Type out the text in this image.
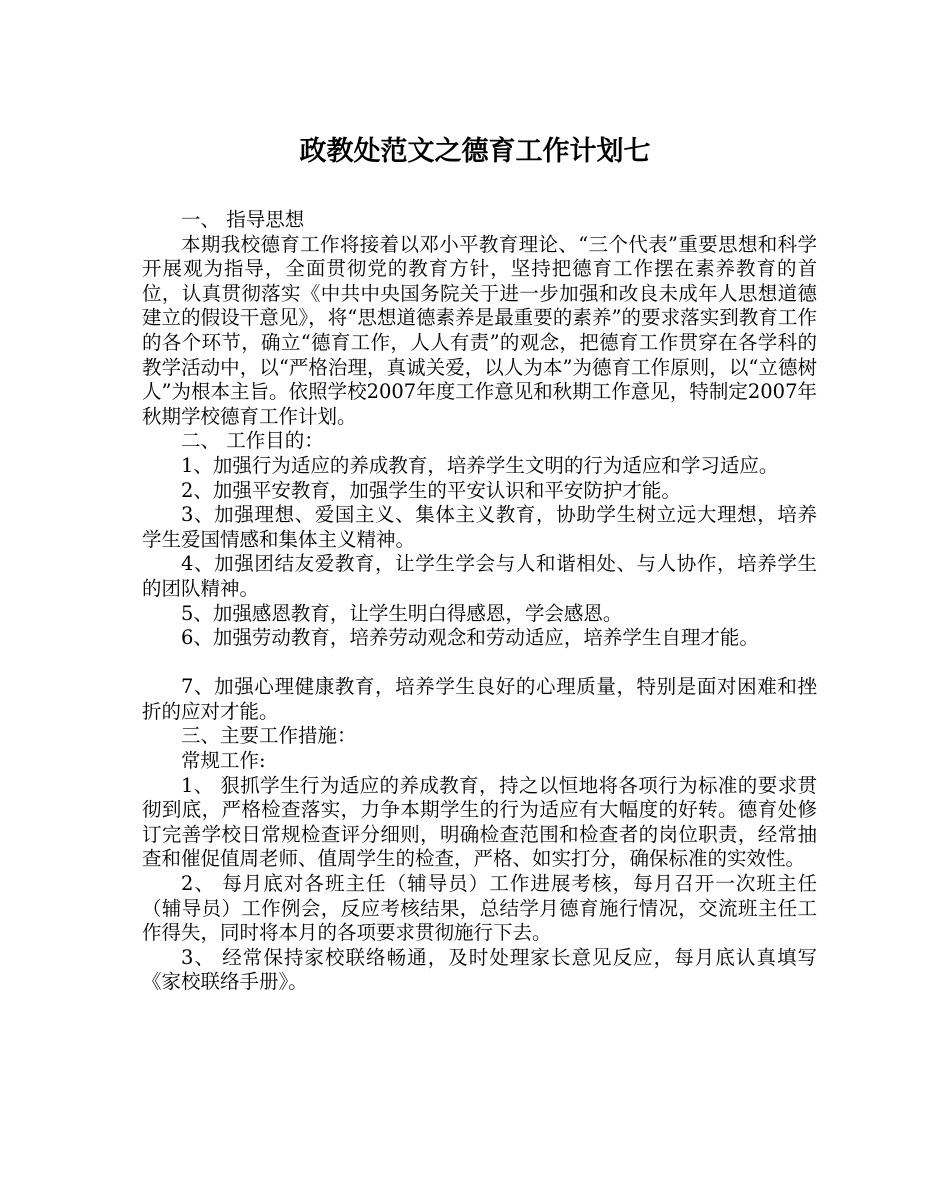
政教处范文之德育工作计划七

一、 指导思想

本期我校德育工作将接着以邓小平教育理论、“三个代表”重要思想和科学开展观为指导，全面贯彻党的教育方针，坚持把德育工作摆在素养教育的首位，认真贯彻落实《中共中央国务院关于进一步加强和改良未成年人思想道德建立的假设干意见》，将“思想道德素养是最重要的素养”的要求落实到教育工作的各个环节，确立“德育工作，人人有责”的观念，把德育工作贯穿在各学科的教学活动中，以“严格治理，真诚关爱，以人为本”为德育工作原则，以“立德树人”为根本主旨。依照学校2007年度工作意见和秋期工作意见，特制定2007年秋期学校德育工作计划。

二、 工作目的：

1、加强行为适应的养成教育，培养学生文明的行为适应和学习适应。

2、加强平安教育，加强学生的平安认识和平安防护才能。

3、加强理想、爱国主义、集体主义教育，协助学生树立远大理想，培养学生爱国情感和集体主义精神。

4、加强团结友爱教育，让学生学会与人和谐相处、与人协作，培养学生的团队精神。

5、加强感恩教育，让学生明白得感恩，学会感恩。

6、加强劳动教育，培养劳动观念和劳动适应，培养学生自理才能。

7、加强心理健康教育，培养学生良好的心理质量，特别是面对困难和挫折的应对才能。

三、主要工作措施：

常规工作:

1、 狠抓学生行为适应的养成教育，持之以恒地将各项行为标准的要求贯彻到底，严格检查落实，力争本期学生的行为适应有大幅度的好转。德育处修订完善学校日常规检查评分细则，明确检查范围和检查者的岗位职责，经常抽查和催促值周老师、值周学生的检查，严格、如实打分，确保标准的实效性。

2、 每月底对各班主任（辅导员）工作进展考核，每月召开一次班主任（辅导员）工作例会，反应考核结果，总结学月德育施行情况，交流班主任工作得失，同时将本月的各项要求贯彻施行下去。

3、 经常保持家校联络畅通，及时处理家长意见反应，每月底认真填写《家校联络手册》。
